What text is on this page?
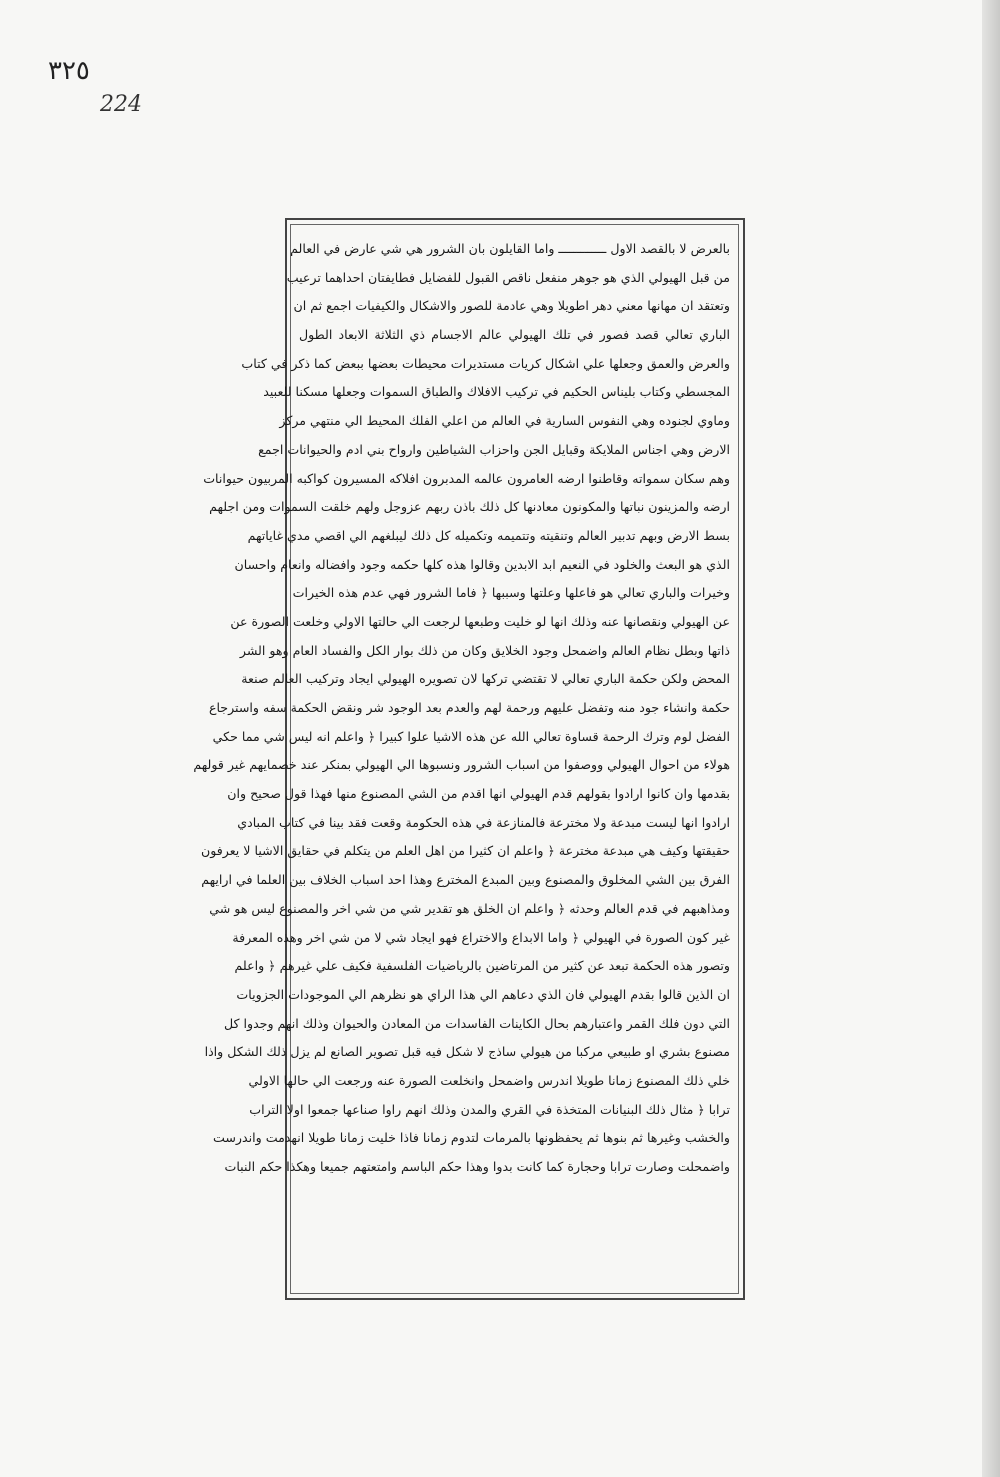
٣٢٥
224
بالعرض لا بالقصد الاول ـــــــــــــ واما القايلون بان الشرور هي شي عارض في العالم
من قبل الهيولي الذي هو جوهر منفعل ناقص القبول للفضايل فطايفتان احداهما ترعيب
وتعتقد ان مهانها معني دهر اطويلا وهي عادمة للصور والاشكال والكيفيات اجمع ثم ان
الباري تعالي قصد فصور في تلك الهيولي عالم الاجسام ذي الثلاثة الابعاد الطول
والعرض والعمق وجعلها علي اشكال كريات مستديرات محيطات بعضها ببعض كما ذكر في كتاب
المجسطي وكتاب بليناس الحكيم في تركيب الافلاك والطباق السموات وجعلها مسكنا للعبيد
وماوي لجنوده وهي النفوس السارية في العالم من اعلي الفلك المحيط الي منتهي مركز
الارض وهي اجناس الملايكة وقبايل الجن واحزاب الشياطين وارواح بني ادم والحيوانات اجمع
وهم سكان سمواته وقاطنوا ارضه العامرون عالمه المدبرون افلاكه المسيرون كواكبه المربيون حيوانات
ارضه والمزينون نباتها والمكونون معادنها كل ذلك باذن ربهم عزوجل ولهم خلقت السموات ومن اجلهم
بسط الارض وبهم تدبير العالم وتنقيته وتتميمه وتكميله كل ذلك ليبلغهم الي اقصي مدي غاياتهم
الذي هو البعث والخلود في النعيم ابد الابدين وقالوا هذه كلها حكمه وجود وافضاله وانعام واحسان
وخيرات والباري تعالي هو فاعلها وعلتها وسببها ﴿ فاما الشرور فهي عدم هذه الخيرات
عن الهيولي ونقصانها عنه وذلك انها لو خليت وطبعها لرجعت الي حالتها الاولي وخلعت الصورة عن
ذاتها وبطل نظام العالم واضمحل وجود الخلايق وكان من ذلك بوار الكل والفساد العام وهو الشر
المحض ولكن حكمة الباري تعالي لا تقتضي تركها لان تصويره الهيولي ايجاد وتركيب العالم صنعة
حكمة وانشاء جود منه وتفضل عليهم ورحمة لهم والعدم بعد الوجود شر ونقض الحكمة سفه واسترجاع
الفضل لوم وترك الرحمة قساوة تعالي الله عن هذه الاشيا علوا كبيرا ﴿ واعلم انه ليس شي مما حكي
هولاء من احوال الهيولي ووصفوا من اسباب الشرور ونسبوها الي الهيولي بمنكر عند خصمايهم غير قولهم
بقدمها وان كانوا ارادوا بقولهم قدم الهيولي انها اقدم من الشي المصنوع منها فهذا قول صحيح وان
ارادوا انها ليست مبدعة ولا مخترعة فالمنازعة في هذه الحكومة وقعت فقد بينا في كتاب المبادي
حقيقتها وكيف هي مبدعة مخترعة ﴿ واعلم ان كثيرا من اهل العلم من يتكلم في حقايق الاشيا لا يعرفون
الفرق بين الشي المخلوق والمصنوع وبين المبدع المخترع وهذا احد اسباب الخلاف بين العلما في ارايهم
ومذاهبهم في قدم العالم وحدثه ﴿ واعلم ان الخلق هو تقدير شي من شي اخر والمصنوع ليس هو شي
غير كون الصورة في الهيولي ﴿ واما الابداع والاختراع فهو ايجاد شي لا من شي اخر وهذه المعرفة
وتصور هذه الحكمة تبعد عن كثير من المرتاضين بالرياضيات الفلسفية فكيف علي غيرهم ﴿ واعلم
ان الذين قالوا بقدم الهيولي فان الذي دعاهم الي هذا الراي هو نظرهم الي الموجودات الجزويات
التي دون فلك القمر واعتبارهم بحال الكاينات الفاسدات من المعادن والحيوان وذلك انهم وجدوا كل
مصنوع بشري او طبيعي مركبا من هيولي ساذج لا شكل فيه قبل تصوير الصانع لم يزل ذلك الشكل واذا
خلي ذلك المصنوع زمانا طويلا اندرس واضمحل وانخلعت الصورة عنه ورجعت الي حالها الاولي
ترابا ﴿ مثال ذلك البنيانات المتخذة في القري والمدن وذلك انهم راوا صناعها جمعوا اولا التراب
والخشب وغيرها ثم بنوها ثم يحفظونها بالمرمات لتدوم زمانا فاذا خليت زمانا طويلا انهدمت واندرست
واضمحلت وصارت ترابا وحجارة كما كانت بدوا وهذا حكم الباسم وامتعتهم جميعا وهكذا حكم النبات
